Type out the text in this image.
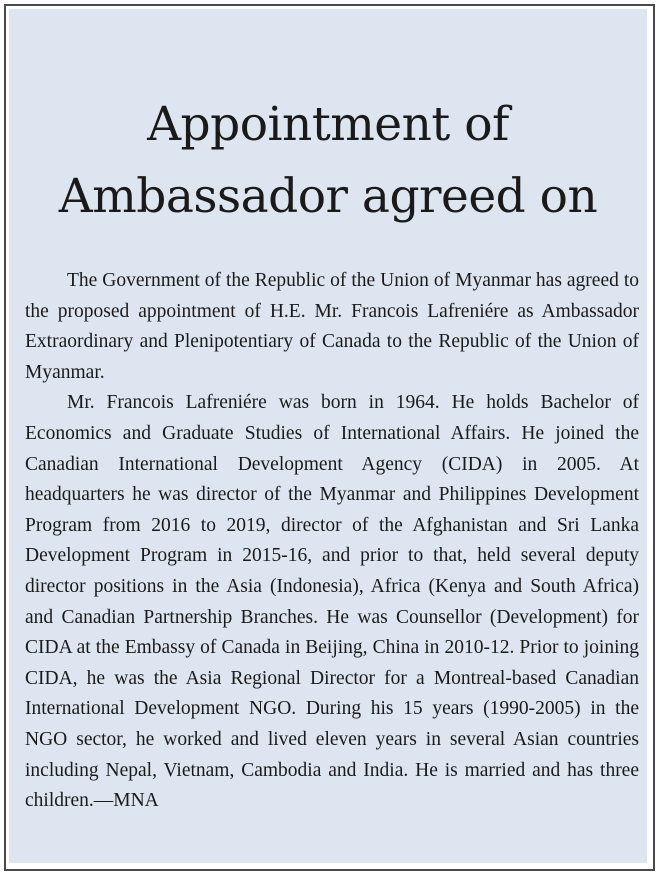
Appointment of
Ambassador agreed on

The Government of the Republic of the Union of Myanmar has agreed to the proposed appointment of H.E. Mr. Francois Lafreniére as Ambassador Extraordinary and Plenipotentiary of Canada to the Republic of the Union of Myanmar.

Mr. Francois Lafreniére was born in 1964. He holds Bachelor of Economics and Graduate Studies of International Affairs. He joined the Canadian International Development Agency (CIDA) in 2005. At headquarters he was director of the Myanmar and Philippines Development Program from 2016 to 2019, director of the Afghanistan and Sri Lanka Development Program in 2015-16, and prior to that, held several deputy director positions in the Asia (Indonesia), Africa (Kenya and South Africa) and Canadian Partnership Branches. He was Counsellor (Development) for CIDA at the Embassy of Canada in Beijing, China in 2010-12. Prior to joining CIDA, he was the Asia Regional Director for a Montreal-based Canadian International Development NGO. During his 15 years (1990-2005) in the NGO sector, he worked and lived eleven years in several Asian countries including Nepal, Vietnam, Cambodia and India. He is married and has three children.—MNA
